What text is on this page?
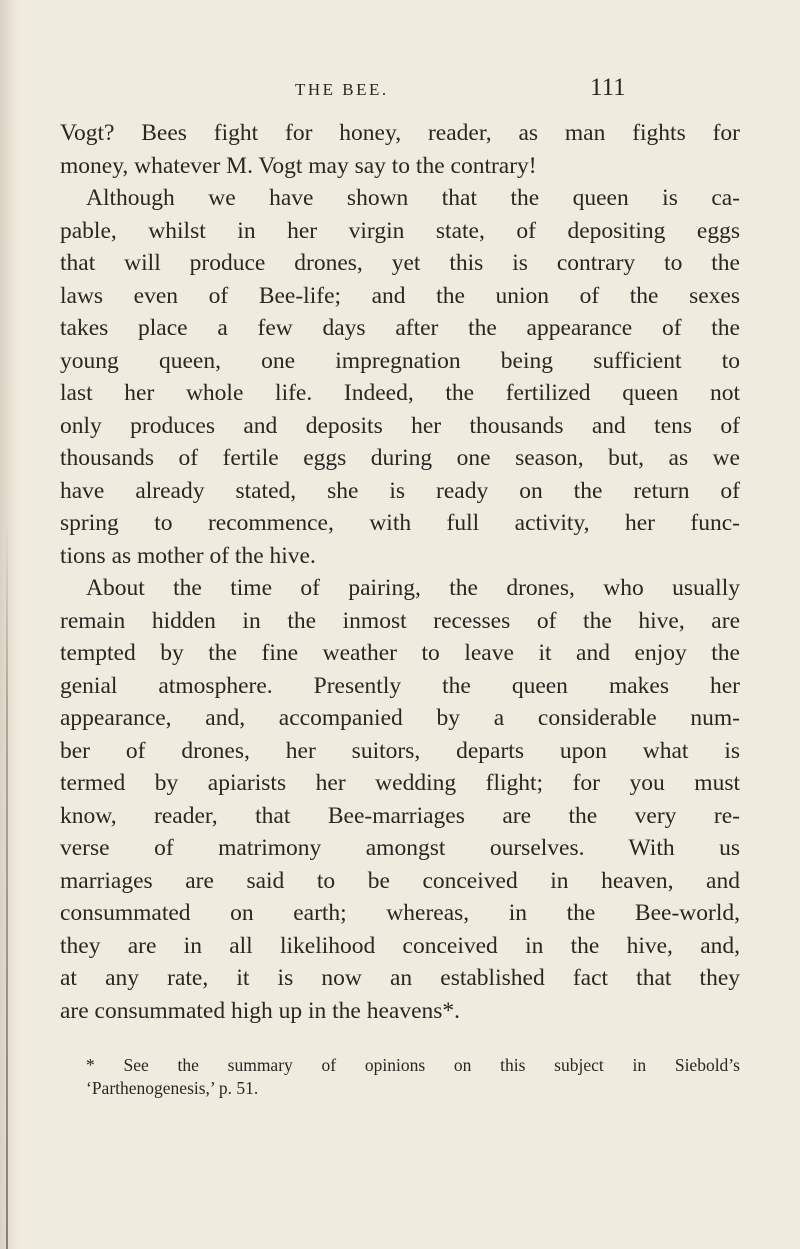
THE BEE.	111
Vogt? Bees fight for honey, reader, as man fights for
money, whatever M. Vogt may say to the contrary!
Although we have shown that the queen is ca-
pable, whilst in her virgin state, of depositing eggs
that will produce drones, yet this is contrary to the
laws even of Bee-life; and the union of the sexes
takes place a few days after the appearance of the
young queen, one impregnation being sufficient to
last her whole life. Indeed, the fertilized queen not
only produces and deposits her thousands and tens of
thousands of fertile eggs during one season, but, as we
have already stated, she is ready on the return of
spring to recommence, with full activity, her func-
tions as mother of the hive.
About the time of pairing, the drones, who usually
remain hidden in the inmost recesses of the hive, are
tempted by the fine weather to leave it and enjoy the
genial atmosphere. Presently the queen makes her
appearance, and, accompanied by a considerable num-
ber of drones, her suitors, departs upon what is
termed by apiarists her wedding flight; for you must
know, reader, that Bee-marriages are the very re-
verse of matrimony amongst ourselves. With us
marriages are said to be conceived in heaven, and
consummated on earth; whereas, in the Bee-world,
they are in all likelihood conceived in the hive, and,
at any rate, it is now an established fact that they
are consummated high up in the heavens*.
* See the summary of opinions on this subject in Siebold’s
‘Parthenogenesis,’ p. 51.
